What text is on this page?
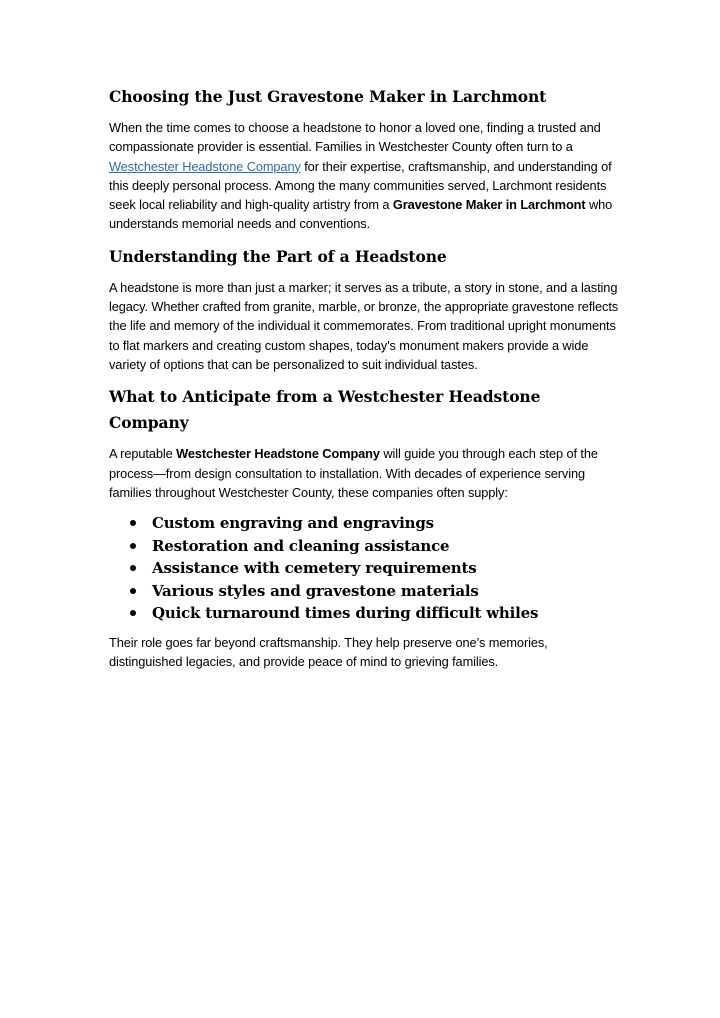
Choosing the Just Gravestone Maker in Larchmont

When the time comes to choose a headstone to honor a loved one, finding a trusted and compassionate provider is essential. Families in Westchester County often turn to a Westchester Headstone Company for their expertise, craftsmanship, and understanding of this deeply personal process. Among the many communities served, Larchmont residents seek local reliability and high-quality artistry from a Gravestone Maker in Larchmont who understands memorial needs and conventions.

Understanding the Part of a Headstone

A headstone is more than just a marker; it serves as a tribute, a story in stone, and a lasting legacy. Whether crafted from granite, marble, or bronze, the appropriate gravestone reflects the life and memory of the individual it commemorates. From traditional upright monuments to flat markers and creating custom shapes, today's monument makers provide a wide variety of options that can be personalized to suit individual tastes.

What to Anticipate from a Westchester Headstone Company

A reputable Westchester Headstone Company will guide you through each step of the process—from design consultation to installation. With decades of experience serving families throughout Westchester County, these companies often supply:

Custom engraving and engravings
Restoration and cleaning assistance
Assistance with cemetery requirements
Various styles and gravestone materials
Quick turnaround times during difficult whiles

Their role goes far beyond craftsmanship. They help preserve one’s memories, distinguished legacies, and provide peace of mind to grieving families.
